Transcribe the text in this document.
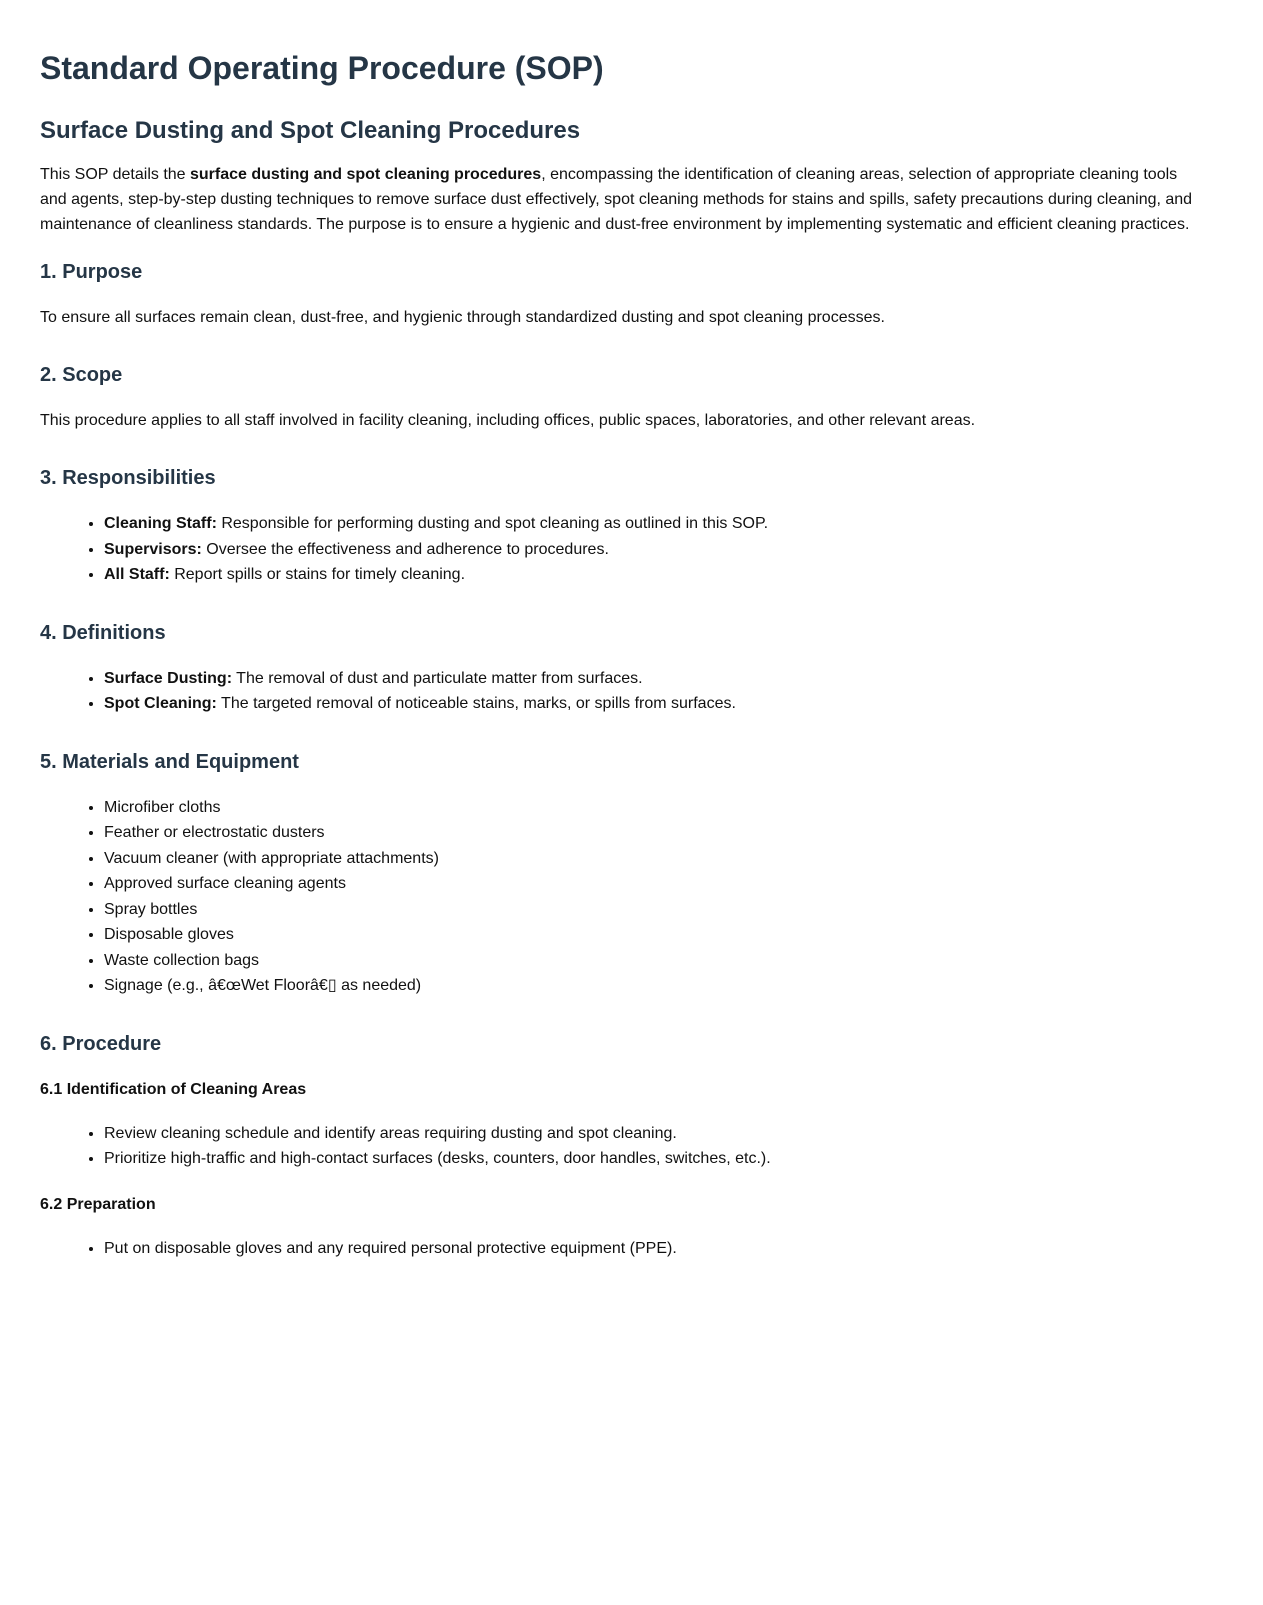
Standard Operating Procedure (SOP)
Surface Dusting and Spot Cleaning Procedures

This SOP details the surface dusting and spot cleaning procedures, encompassing the identification of cleaning areas, selection of appropriate cleaning tools and agents, step-by-step dusting techniques to remove surface dust effectively, spot cleaning methods for stains and spills, safety precautions during cleaning, and maintenance of cleanliness standards. The purpose is to ensure a hygienic and dust-free environment by implementing systematic and efficient cleaning practices.

1. Purpose

To ensure all surfaces remain clean, dust-free, and hygienic through standardized dusting and spot cleaning processes.

2. Scope

This procedure applies to all staff involved in facility cleaning, including offices, public spaces, laboratories, and other relevant areas.

3. Responsibilities
• Cleaning Staff: Responsible for performing dusting and spot cleaning as outlined in this SOP.
• Supervisors: Oversee the effectiveness and adherence to procedures.
• All Staff: Report spills or stains for timely cleaning.
4. Definitions
• Surface Dusting: The removal of dust and particulate matter from surfaces.
• Spot Cleaning: The targeted removal of noticeable stains, marks, or spills from surfaces.
5. Materials and Equipment
• Microfiber cloths
• Feather or electrostatic dusters
• Vacuum cleaner (with appropriate attachments)
• Approved surface cleaning agents
• Spray bottles
• Disposable gloves
• Waste collection bags
• Signage (e.g., â€œWet Floorâ€▯ as needed)
6. Procedure
6.1 Identification of Cleaning Areas
• Review cleaning schedule and identify areas requiring dusting and spot cleaning.
• Prioritize high-traffic and high-contact surfaces (desks, counters, door handles, switches, etc.).
6.2 Preparation
• Put on disposable gloves and any required personal protective equipment (PPE).
